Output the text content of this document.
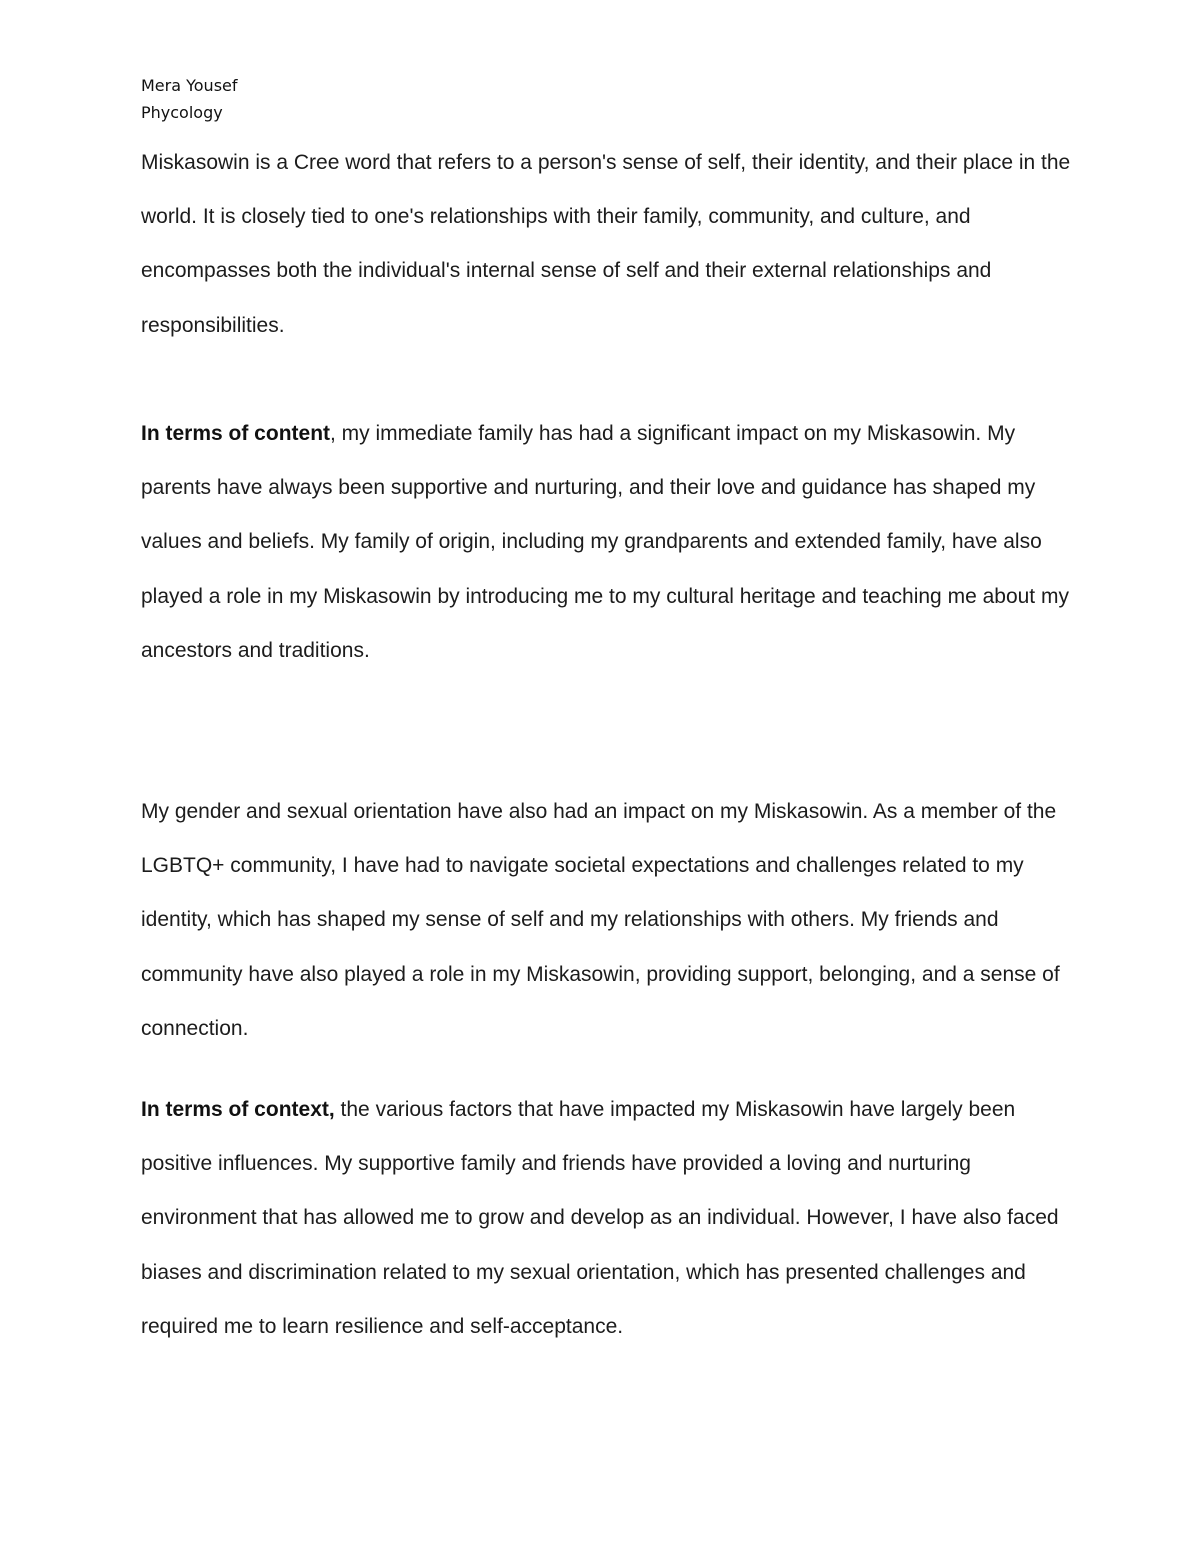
Mera Yousef
Phycology

Miskasowin is a Cree word that refers to a person's sense of self, their identity, and their place in the world. It is closely tied to one's relationships with their family, community, and culture, and encompasses both the individual's internal sense of self and their external relationships and responsibilities.

In terms of content, my immediate family has had a significant impact on my Miskasowin. My parents have always been supportive and nurturing, and their love and guidance has shaped my values and beliefs. My family of origin, including my grandparents and extended family, have also played a role in my Miskasowin by introducing me to my cultural heritage and teaching me about my ancestors and traditions.

My gender and sexual orientation have also had an impact on my Miskasowin. As a member of the LGBTQ+ community, I have had to navigate societal expectations and challenges related to my identity, which has shaped my sense of self and my relationships with others. My friends and community have also played a role in my Miskasowin, providing support, belonging, and a sense of connection.

In terms of context, the various factors that have impacted my Miskasowin have largely been positive influences. My supportive family and friends have provided a loving and nurturing environment that has allowed me to grow and develop as an individual. However, I have also faced biases and discrimination related to my sexual orientation, which has presented challenges and required me to learn resilience and self-acceptance.
